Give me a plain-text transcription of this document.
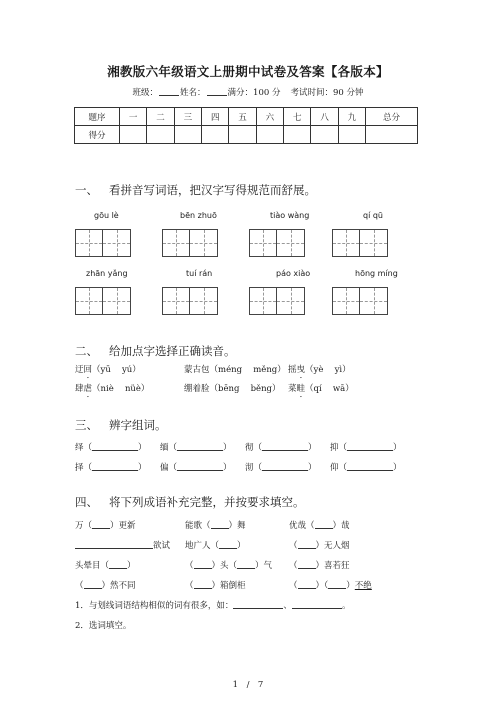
湘教版六年级语文上册期中试卷及答案【各版本】
班级：	姓名：	满分：100 分 考试时间：90 分钟
题序	一	二	三	四	五	六	七	八	九	总分
得分										
一、 看拼音写词语，把汉字写得规范而舒展。
gōu lè	bēn zhuō	tiào wàng	qí qū
zhān yǎng	tuí rán	páo xiào	hōng míng
二、 给加点字选择正确读音。
迂回（yū　 yú）	蒙古包（méng　 měng） 摇曳（yè　 yì）
肆虐（niè　 nüè）	绷着脸（bēng　 běng） 菜畦（qí　 wā）
三、 辨字组词。
绎（	） 缅（	） 彻（	） 抑（	）
择（	） 偏（	） 沏（	） 仰（	）
四、 将下列成语补充完整，并按要求填空。
万（ ）更新	能歌（ ）舞	优哉（ ）哉
欲试 地广人（ ）	（ ）无人烟
头晕目（ ）	（ ）头（ ）气 （ ）喜若狂
（ ）然不同	（ ）箱倒柜	（ ）（ ）不绝
1．与划线词语结构相似的词有很多，如：	、	。
2．选词填空。
1　/　7
